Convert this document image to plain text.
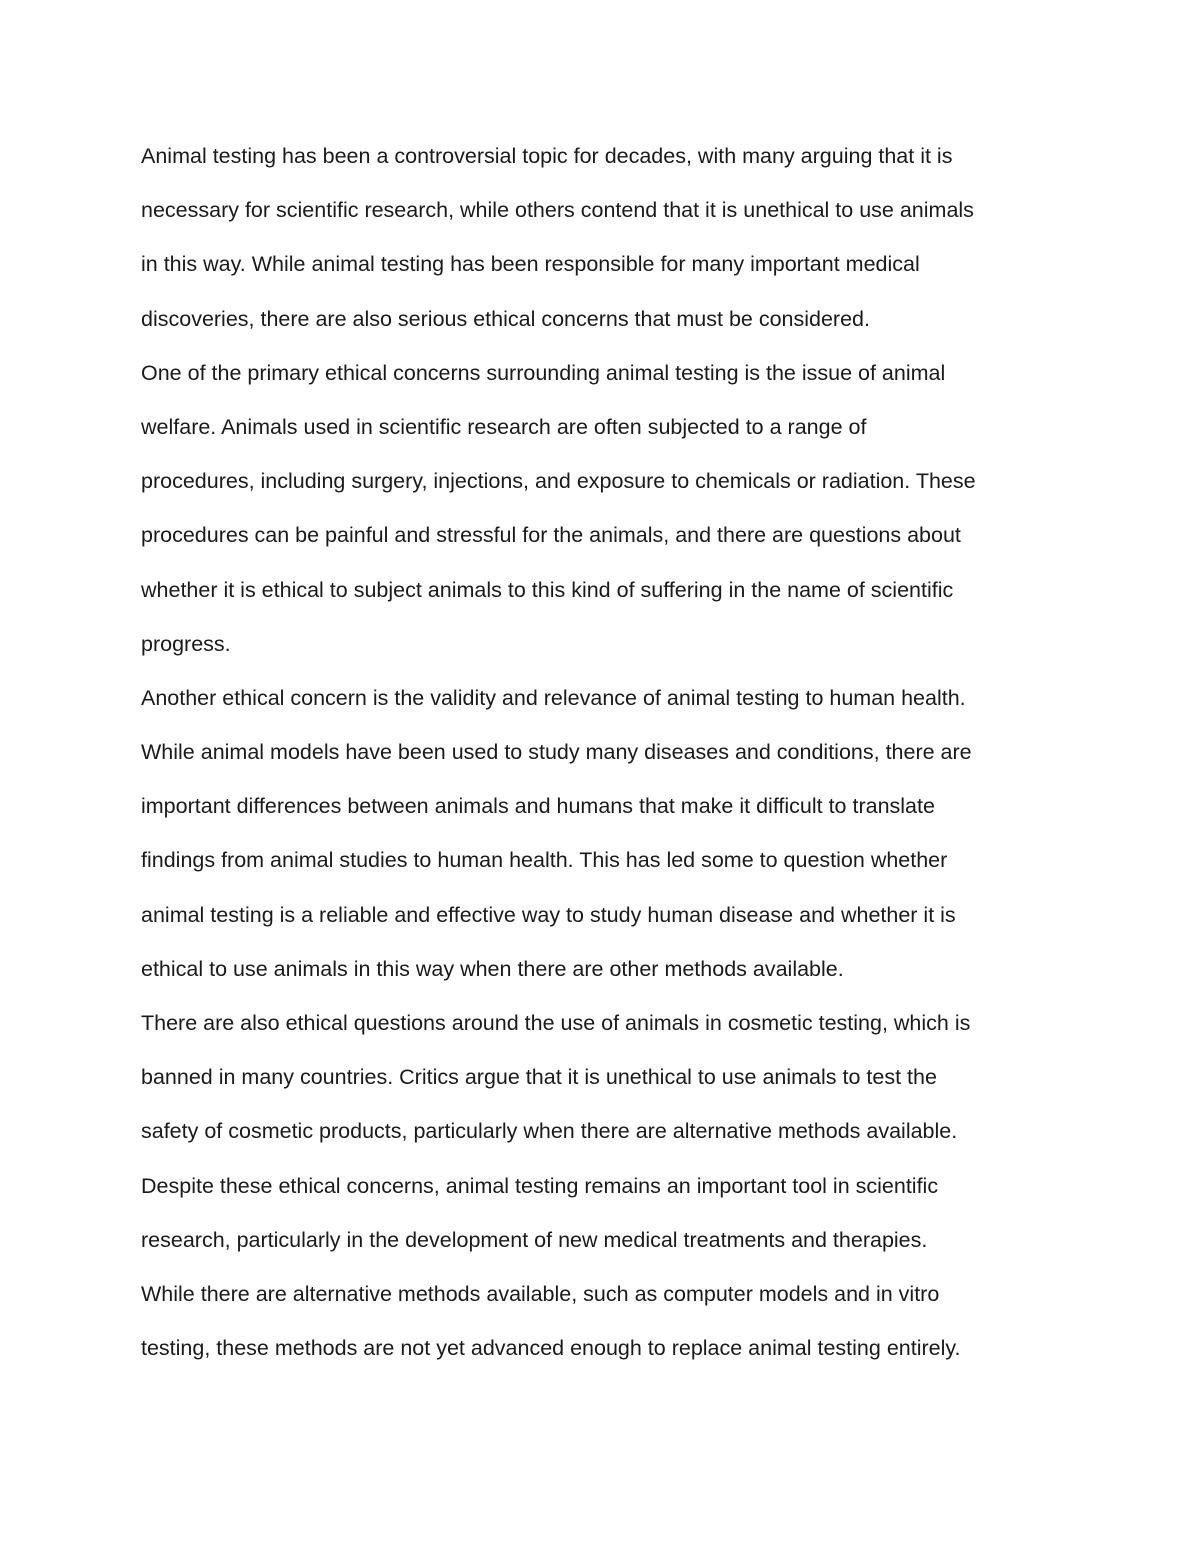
Animal testing has been a controversial topic for decades, with many arguing that it is
necessary for scientific research, while others contend that it is unethical to use animals
in this way. While animal testing has been responsible for many important medical
discoveries, there are also serious ethical concerns that must be considered.
One of the primary ethical concerns surrounding animal testing is the issue of animal
welfare. Animals used in scientific research are often subjected to a range of
procedures, including surgery, injections, and exposure to chemicals or radiation. These
procedures can be painful and stressful for the animals, and there are questions about
whether it is ethical to subject animals to this kind of suffering in the name of scientific
progress.
Another ethical concern is the validity and relevance of animal testing to human health.
While animal models have been used to study many diseases and conditions, there are
important differences between animals and humans that make it difficult to translate
findings from animal studies to human health. This has led some to question whether
animal testing is a reliable and effective way to study human disease and whether it is
ethical to use animals in this way when there are other methods available.
There are also ethical questions around the use of animals in cosmetic testing, which is
banned in many countries. Critics argue that it is unethical to use animals to test the
safety of cosmetic products, particularly when there are alternative methods available.
Despite these ethical concerns, animal testing remains an important tool in scientific
research, particularly in the development of new medical treatments and therapies.
While there are alternative methods available, such as computer models and in vitro
testing, these methods are not yet advanced enough to replace animal testing entirely.
